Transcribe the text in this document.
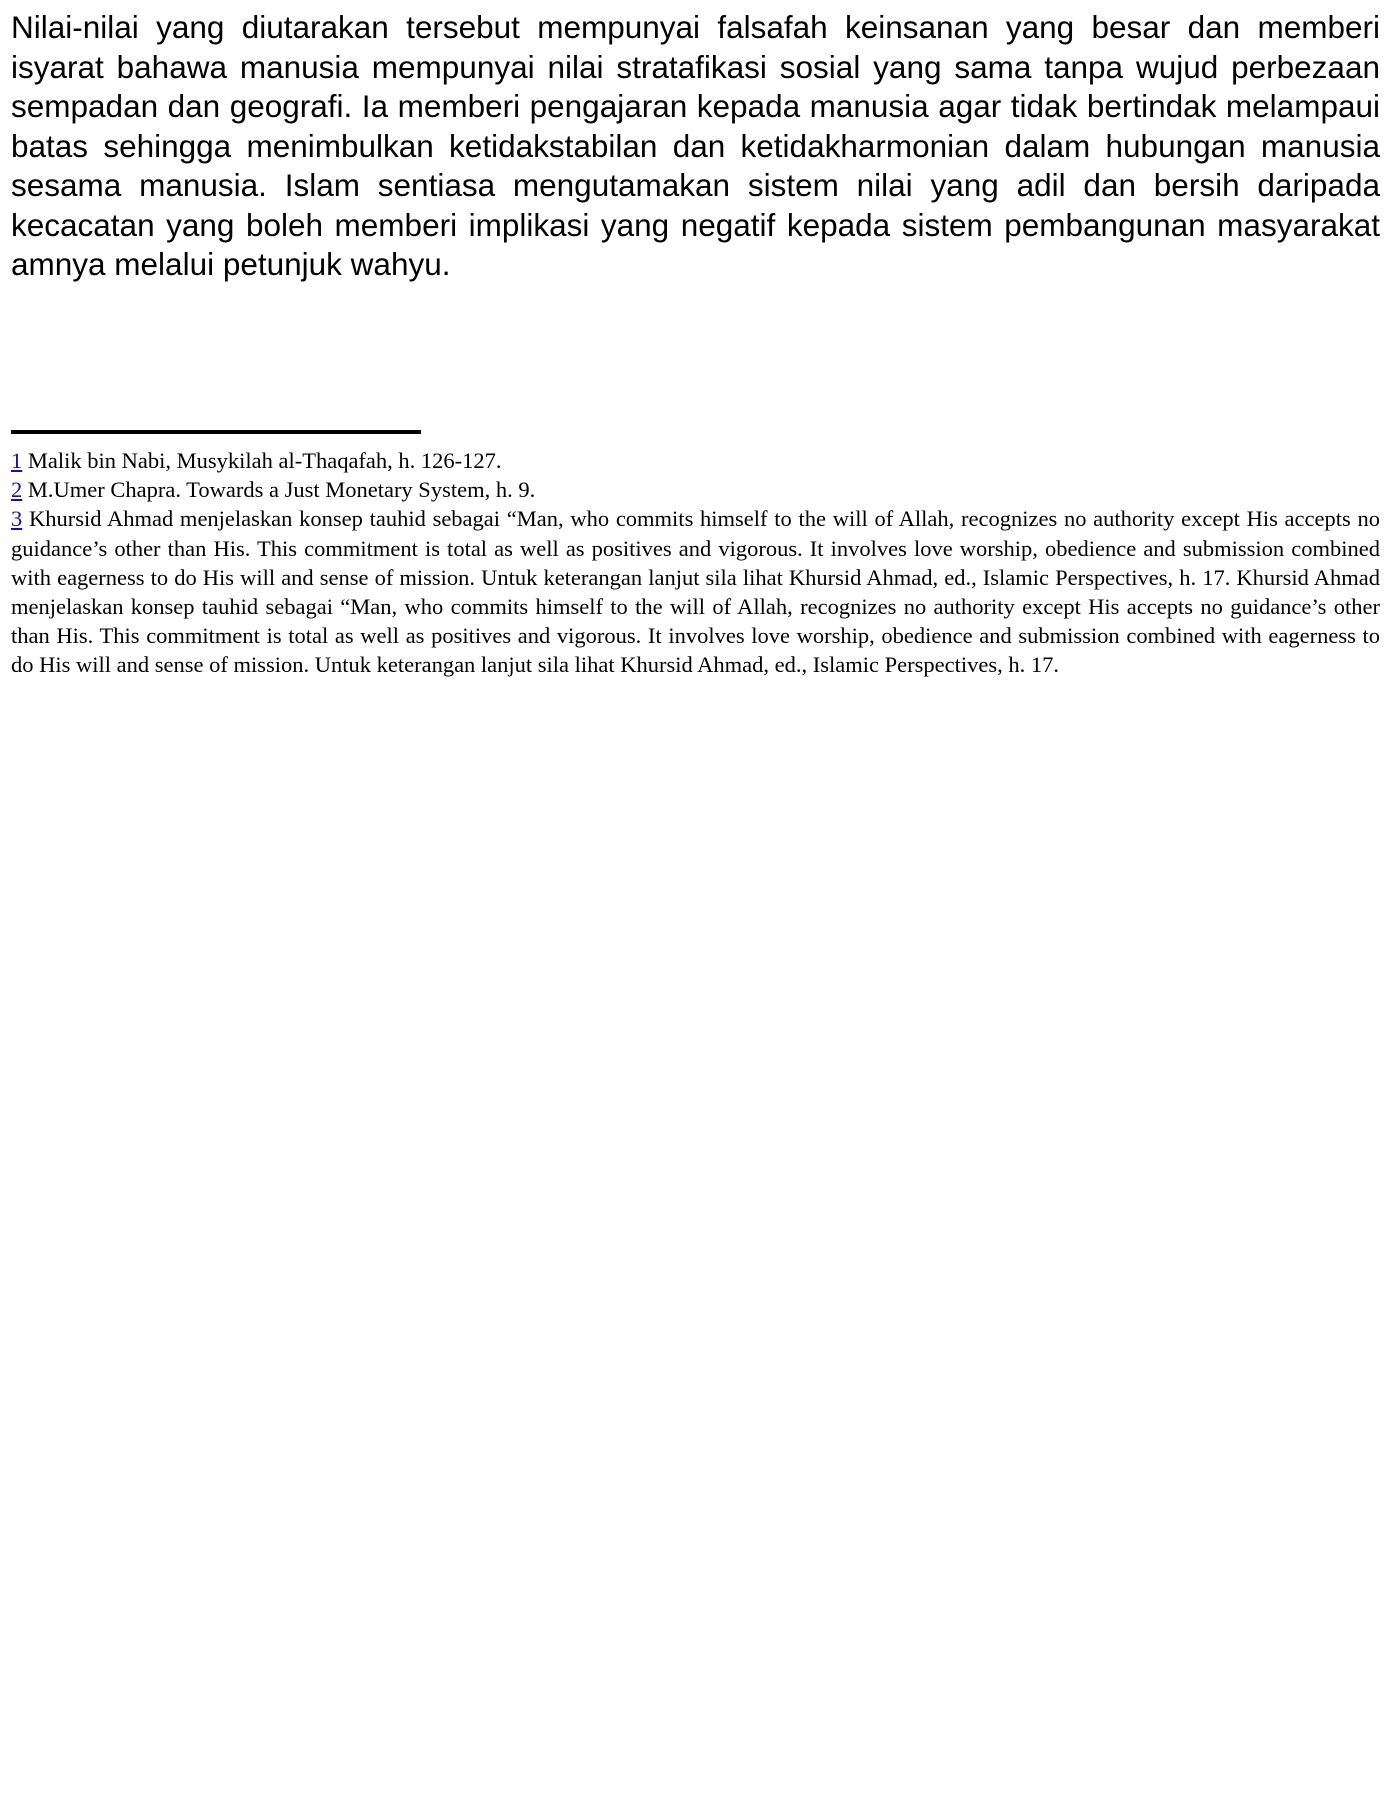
Nilai-nilai yang diutarakan tersebut mempunyai falsafah keinsanan yang besar dan memberi isyarat bahawa manusia mempunyai nilai stratafikasi sosial yang sama tanpa wujud perbezaan sempadan dan geografi. Ia memberi pengajaran kepada manusia agar tidak bertindak melampaui batas sehingga menimbulkan ketidakstabilan dan ketidakharmonian dalam hubungan manusia sesama manusia. Islam sentiasa mengutamakan sistem nilai yang adil dan bersih daripada kecacatan yang boleh memberi implikasi yang negatif kepada sistem pembangunan masyarakat amnya melalui petunjuk wahyu.

1 Malik bin Nabi, Musykilah al-Thaqafah, h. 126-127.

2 M.Umer Chapra. Towards a Just Monetary System, h. 9.

3 Khursid Ahmad menjelaskan konsep tauhid sebagai “Man, who commits himself to the will of Allah, recognizes no authority except His accepts no guidance’s other than His. This commitment is total as well as positives and vigorous. It involves love worship, obedience and submission combined with eagerness to do His will and sense of mission. Untuk keterangan lanjut sila lihat Khursid Ahmad, ed., Islamic Perspectives, h. 17. Khursid Ahmad menjelaskan konsep tauhid sebagai “Man, who commits himself to the will of Allah, recognizes no authority except His accepts no guidance’s other than His. This commitment is total as well as positives and vigorous. It involves love worship, obedience and submission combined with eagerness to do His will and sense of mission. Untuk keterangan lanjut sila lihat Khursid Ahmad, ed., Islamic Perspectives, h. 17.
